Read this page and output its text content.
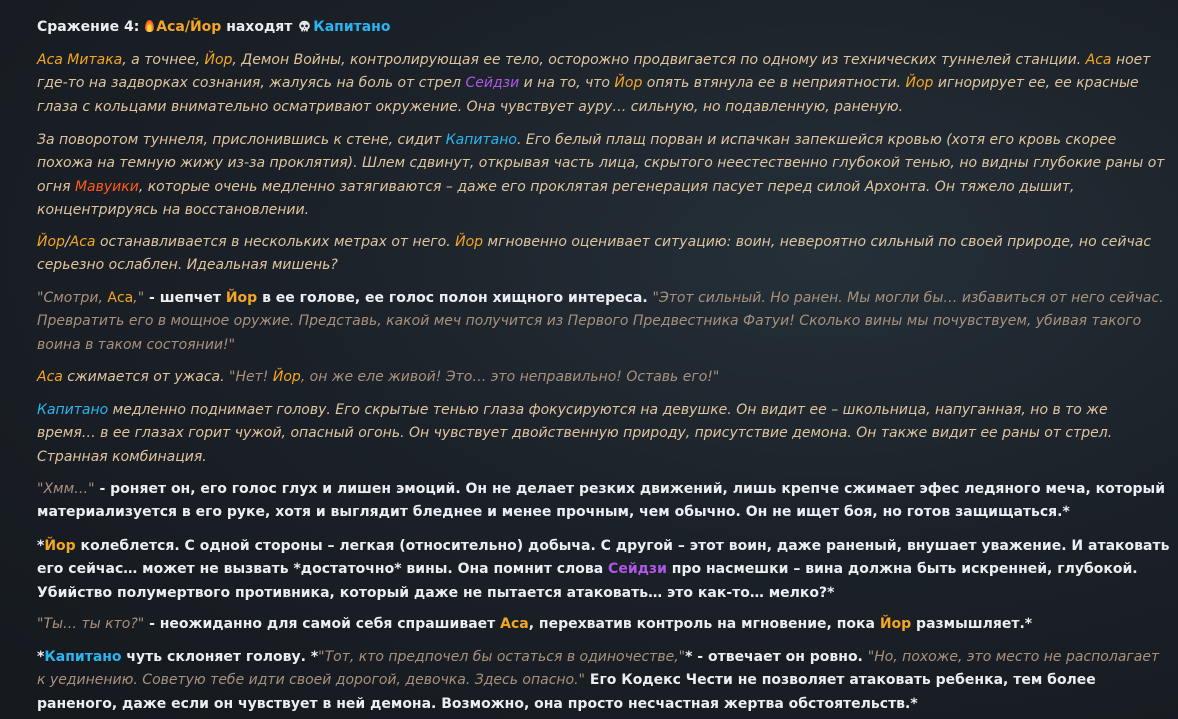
Сражение 4: Аса/Йор находят Капитано

Аса Митака, а точнее, Йор, Демон Войны, контролирующая ее тело, осторожно продвигается по одному из технических туннелей станции. Аса ноет где-то на задворках сознания, жалуясь на боль от стрел Сейдзи и на то, что Йор опять втянула ее в неприятности. Йор игнорирует ее, ее красные глаза с кольцами внимательно осматривают окружение. Она чувствует ауру… сильную, но подавленную, раненую.

За поворотом туннеля, прислонившись к стене, сидит Капитано. Его белый плащ порван и испачкан запекшейся кровью (хотя его кровь скорее похожа на темную жижу из-за проклятия). Шлем сдвинут, открывая часть лица, скрытого неестественно глубокой тенью, но видны глубокие раны от огня Мавуики, которые очень медленно затягиваются – даже его проклятая регенерация пасует перед силой Архонта. Он тяжело дышит, концентрируясь на восстановлении.

Йор/Аса останавливается в нескольких метрах от него. Йор мгновенно оценивает ситуацию: воин, невероятно сильный по своей природе, но сейчас серьезно ослаблен. Идеальная мишень?

"Смотри, Аса," - шепчет Йор в ее голове, ее голос полон хищного интереса. "Этот сильный. Но ранен. Мы могли бы… избавиться от него сейчас. Превратить его в мощное оружие. Представь, какой меч получится из Первого Предвестника Фатуи! Сколько вины мы почувствуем, убивая такого воина в таком состоянии!"

Аса сжимается от ужаса. "Нет! Йор, он же еле живой! Это… это неправильно! Оставь его!"

Капитано медленно поднимает голову. Его скрытые тенью глаза фокусируются на девушке. Он видит ее – школьница, напуганная, но в то же время… в ее глазах горит чужой, опасный огонь. Он чувствует двойственную природу, присутствие демона. Он также видит ее раны от стрел. Странная комбинация.

"Хмм…" - роняет он, его голос глух и лишен эмоций. Он не делает резких движений, лишь крепче сжимает эфес ледяного меча, который материализуется в его руке, хотя и выглядит бледнее и менее прочным, чем обычно. Он не ищет боя, но готов защищаться.*

*Йор колеблется. С одной стороны – легкая (относительно) добыча. С другой – этот воин, даже раненый, внушает уважение. И атаковать его сейчас… может не вызвать *достаточно* вины. Она помнит слова Сейдзи про насмешки – вина должна быть искренней, глубокой. Убийство полумертвого противника, который даже не пытается атаковать… это как-то… мелко?*

"Ты… ты кто?" - неожиданно для самой себя спрашивает Аса, перехватив контроль на мгновение, пока Йор размышляет.*

*Капитано чуть склоняет голову. *"Тот, кто предпочел бы остаться в одиночестве,"* - отвечает он ровно. "Но, похоже, это место не располагает к уединению. Советую тебе идти своей дорогой, девочка. Здесь опасно." Его Кодекс Чести не позволяет атаковать ребенка, тем более раненого, даже если он чувствует в ней демона. Возможно, она просто несчастная жертва обстоятельств.*
